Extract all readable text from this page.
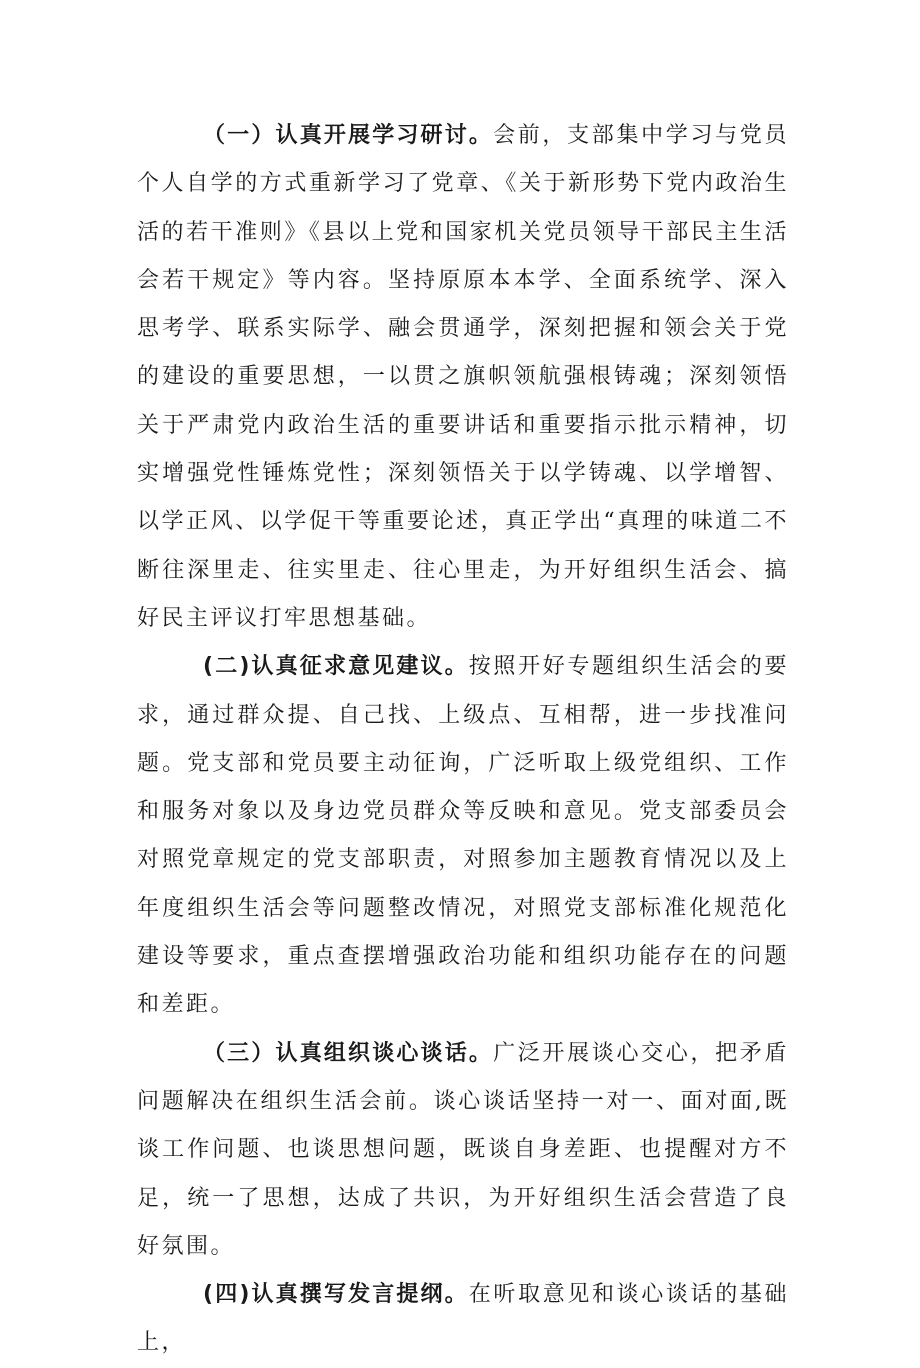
（一）认真开展学习研讨。会前，支部集中学习与党员个人自学的方式重新学习了党章、《关于新形势下党内政治生活的若干准则》《县以上党和国家机关党员领导干部民主生活会若干规定》等内容。坚持原原本本学、全面系统学、深入思考学、联系实际学、融会贯通学，深刻把握和领会关于党的建设的重要思想，一以贯之旗帜领航强根铸魂；深刻领悟关于严肃党内政治生活的重要讲话和重要指示批示精神，切实增强党性锤炼党性；深刻领悟关于以学铸魂、以学增智、以学正风、以学促干等重要论述，真正学出“真理的味道二不断往深里走、往实里走、往心里走，为开好组织生活会、搞好民主评议打牢思想基础。

(二)认真征求意见建议。按照开好专题组织生活会的要求，通过群众提、自己找、上级点、互相帮，进一步找准问题。党支部和党员要主动征询，广泛听取上级党组织、工作和服务对象以及身边党员群众等反映和意见。党支部委员会对照党章规定的党支部职责，对照参加主题教育情况以及上年度组织生活会等问题整改情况，对照党支部标准化规范化建设等要求，重点查摆增强政治功能和组织功能存在的问题和差距。

（三）认真组织谈心谈话。广泛开展谈心交心，把矛盾问题解决在组织生活会前。谈心谈话坚持一对一、面对面,既谈工作问题、也谈思想问题，既谈自身差距、也提醒对方不足，统一了思想，达成了共识，为开好组织生活会营造了良好氛围。

(四)认真撰写发言提纲。在听取意见和谈心谈话的基础上，
